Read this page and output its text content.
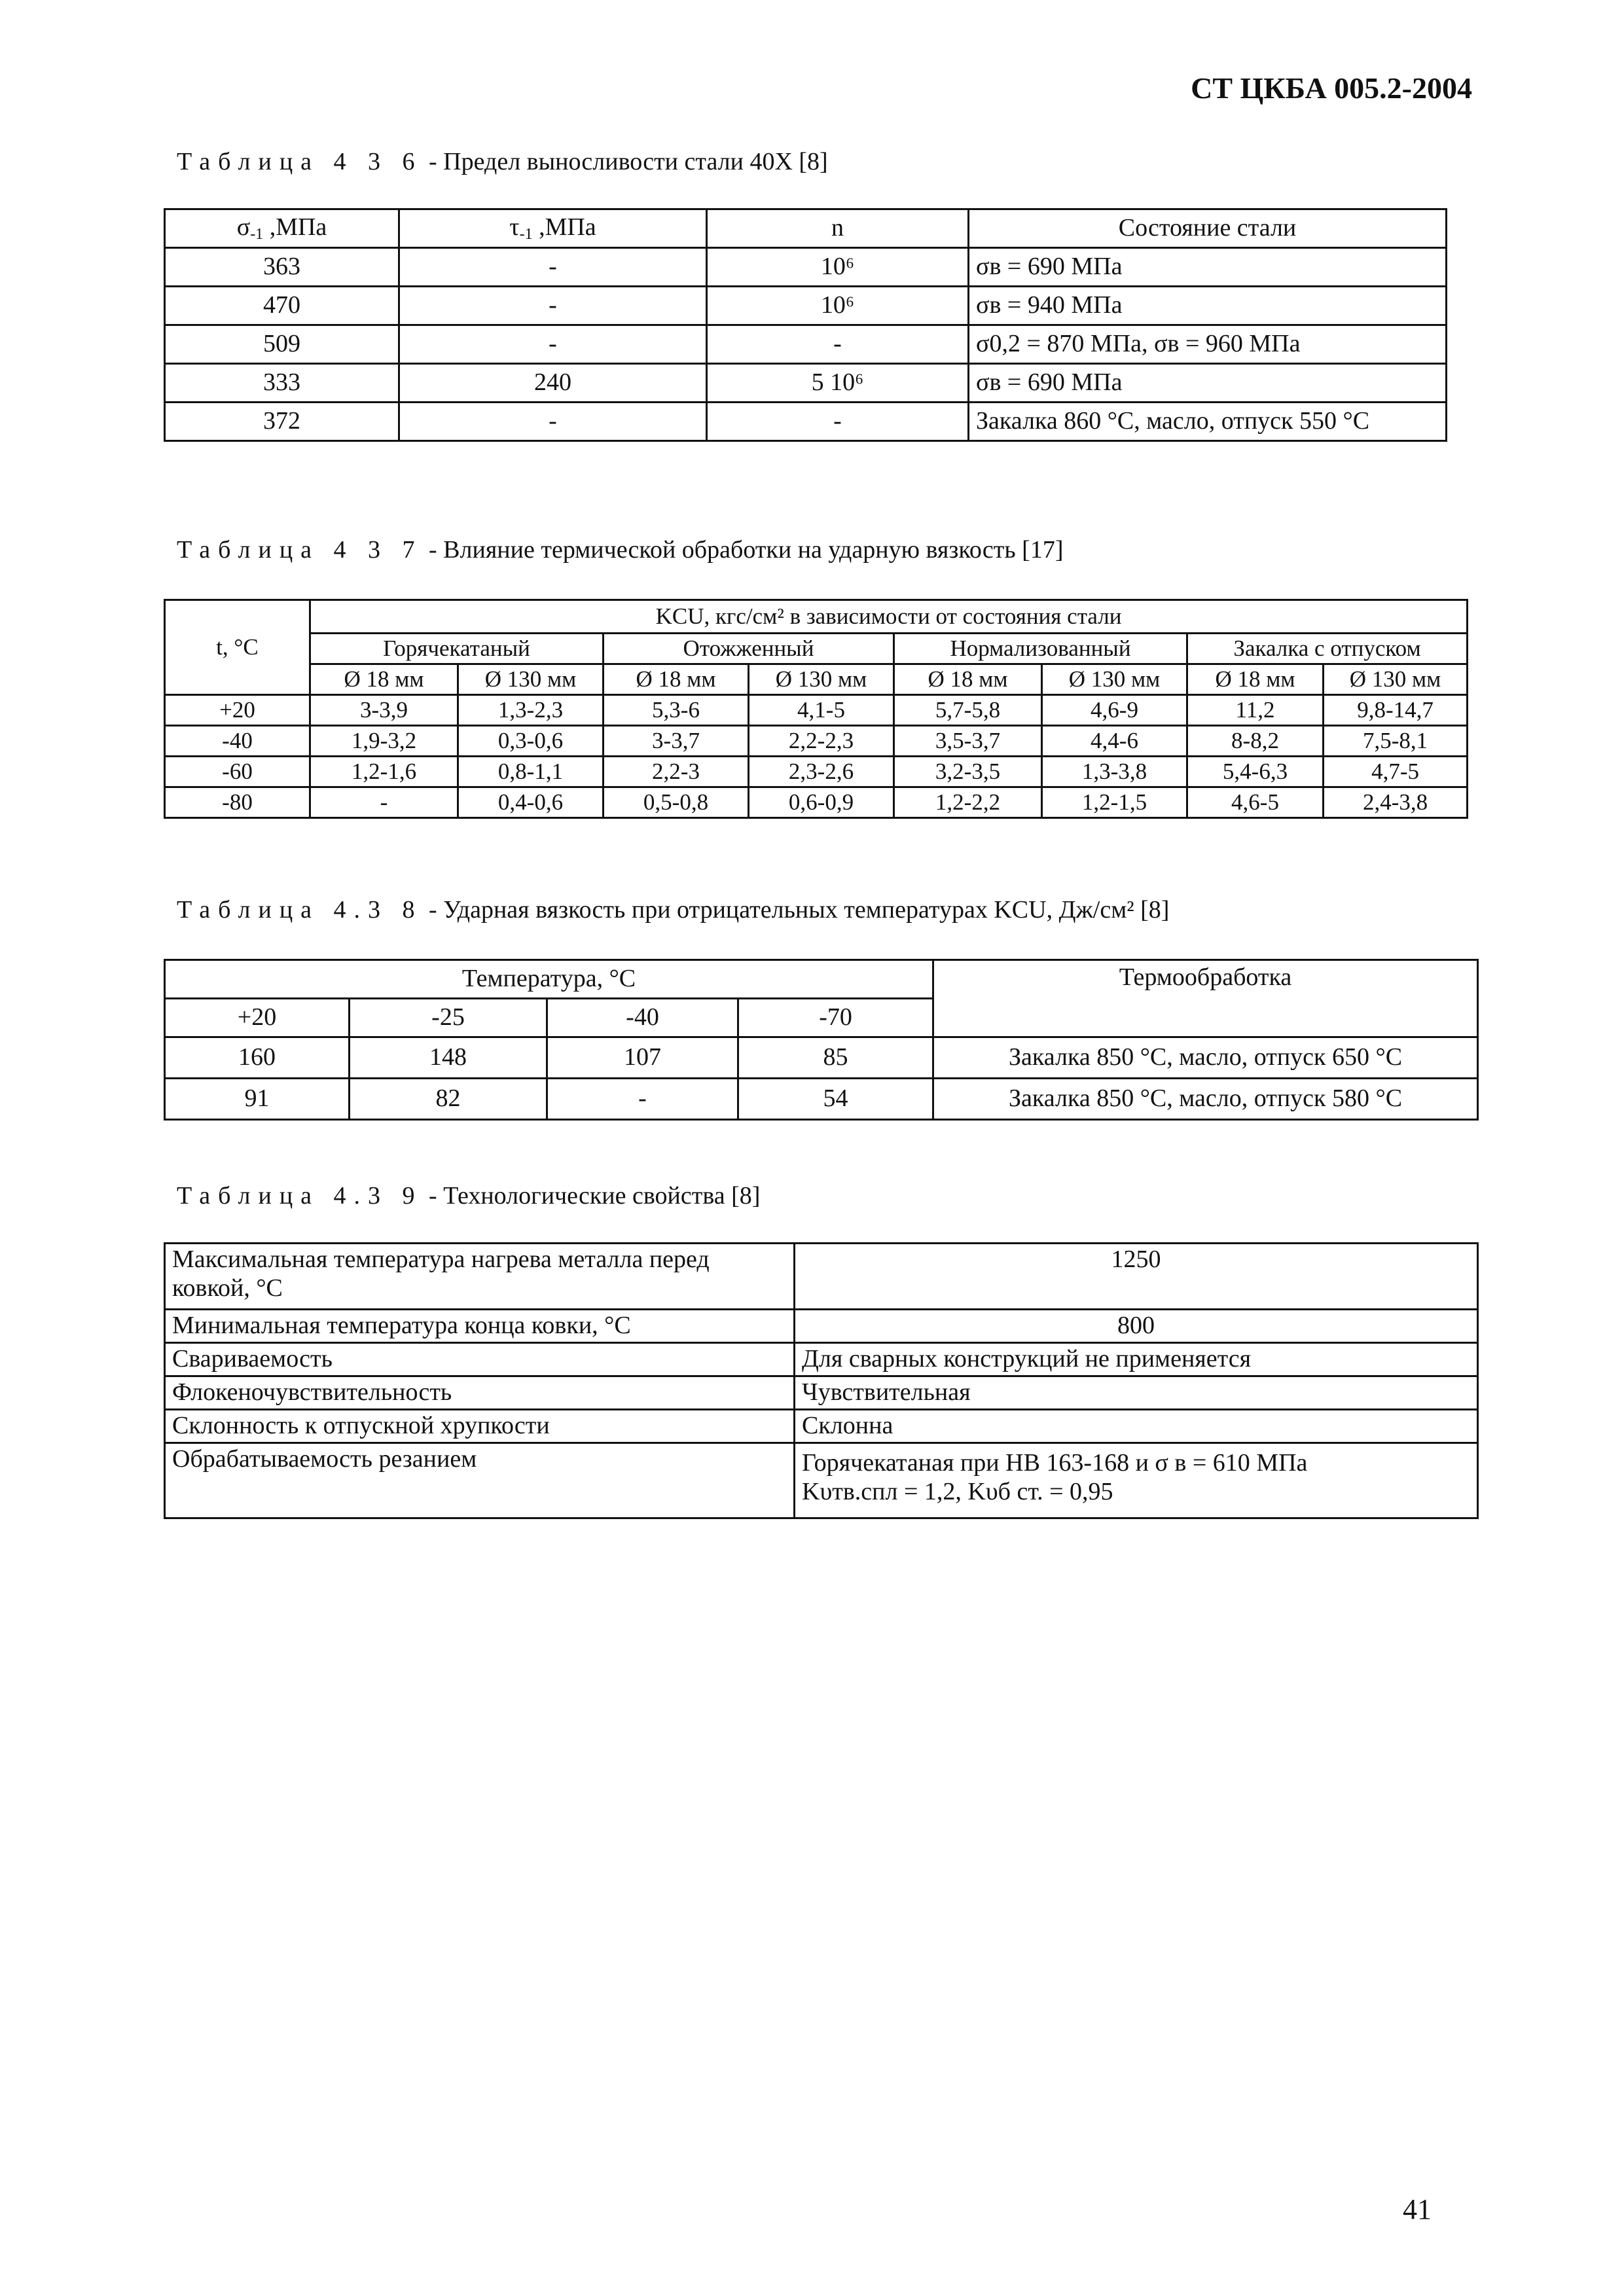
СТ ЦКБА 005.2-2004
Таблица 4 3 6 - Предел выносливости стали 40Х [8]
$\sigma_{-1}$ ,МПа	$\tau_{-1}$ ,МПа	n	Состояние стали
363	-	10⁶	σв = 690 МПа
470	-	10⁶	σв = 940 МПа
509	-	-	σ0,2 = 870 МПа, σв = 960 МПа
333	240	5 10⁶	σв = 690 МПа
372	-	-	Закалка 860 °С, масло, отпуск 550 °С
Таблица 4 3 7 - Влияние термической обработки на ударную вязкость [17]
t, °С	KCU, кгс/см² в зависимости от состояния стали							
	Горячекатаный		Отожженный		Нормализованный		Закалка с отпуском	
	Ø 18 мм	Ø 130 мм	Ø 18 мм	Ø 130 мм	Ø 18 мм	Ø 130 мм	Ø 18 мм	Ø 130 мм
+20	3-3,9	1,3-2,3	5,3-6	4,1-5	5,7-5,8	4,6-9	11,2	9,8-14,7
-40	1,9-3,2	0,3-0,6	3-3,7	2,2-2,3	3,5-3,7	4,4-6	8-8,2	7,5-8,1
-60	1,2-1,6	0,8-1,1	2,2-3	2,3-2,6	3,2-3,5	1,3-3,8	5,4-6,3	4,7-5
-80	-	0,4-0,6	0,5-0,8	0,6-0,9	1,2-2,2	1,2-1,5	4,6-5	2,4-3,8
Таблица 4.3 8 - Ударная вязкость при отрицательных температурах KCU, Дж/см² [8]
Температура, °С				Термообработка
+20	-25	-40	-70	
160	148	107	85	Закалка 850 °С, масло, отпуск 650 °С
91	82	-	54	Закалка 850 °С, масло, отпуск 580 °С
Таблица 4.3 9 - Технологические свойства [8]
Максимальная температура нагрева металла перед ковкой, °С	1250
Минимальная температура конца ковки, °С	800
Свариваемость	Для сварных конструкций не применяется
Флокеночувствительность	Чувствительная
Склонность к отпускной хрупкости	Склонна
Обрабатываемость резанием	Горячекатаная при НВ 163-168 и σ в = 610 МПа
Kυтв.спл = 1,2, Kυб ст. = 0,95
41
